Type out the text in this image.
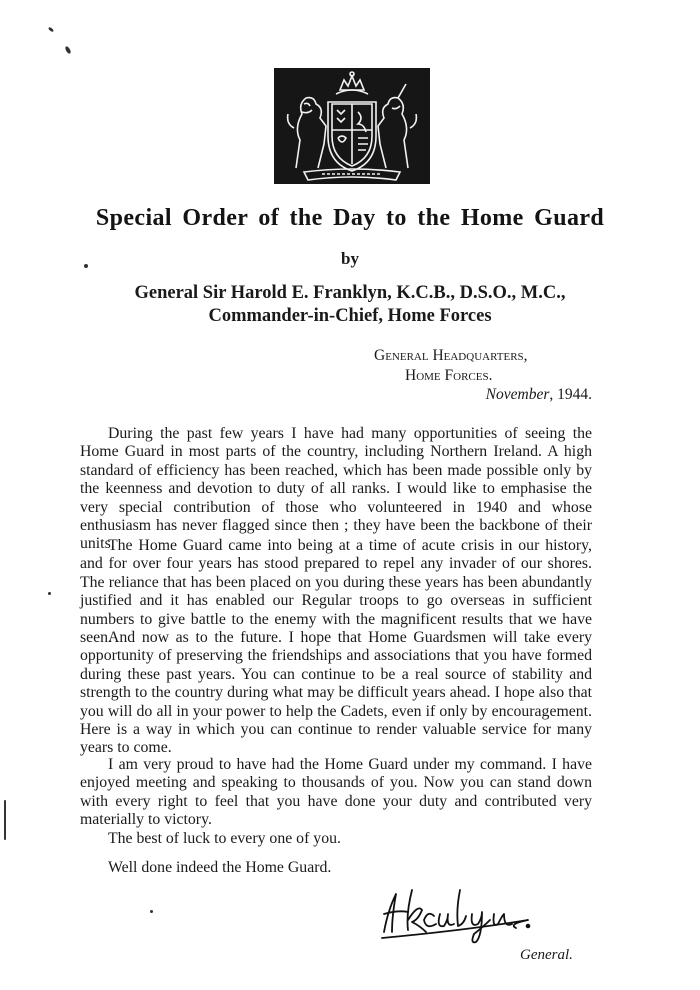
Special Order of the Day to the Home Guard
by
General Sir Harold E. Franklyn, K.C.B., D.S.O., M.C.,
Commander-in-Chief, Home Forces
General Headquarters,
Home Forces.
November, 1944.

During the past few years I have had many opportunities of seeing the Home Guard in most parts of the country, including Northern Ireland. A high standard of efficiency has been reached, which has been made possible only by the keenness and devotion to duty of all ranks. I would like to emphasise the very special contribution of those who volunteered in 1940 and whose enthusiasm has never flagged since then ; they have been the backbone of their units.

The Home Guard came into being at a time of acute crisis in our history, and for over four years has stood prepared to repel any invader of our shores. The reliance that has been placed on you during these years has been abundantly justified and it has enabled our Regular troops to go overseas in sufficient numbers to give battle to the enemy with the magnificent results that we have seen.

And now as to the future. I hope that Home Guardsmen will take every opportunity of preserving the friendships and associations that you have formed during these past years. You can continue to be a real source of stability and strength to the country during what may be difficult years ahead. I hope also that you will do all in your power to help the Cadets, even if only by encouragement. Here is a way in which you can continue to render valuable service for many years to come.

I am very proud to have had the Home Guard under my command. I have enjoyed meeting and speaking to thousands of you. Now you can stand down with every right to feel that you have done your duty and contributed very materially to victory.

The best of luck to every one of you.
Well done indeed the Home Guard.
General.
